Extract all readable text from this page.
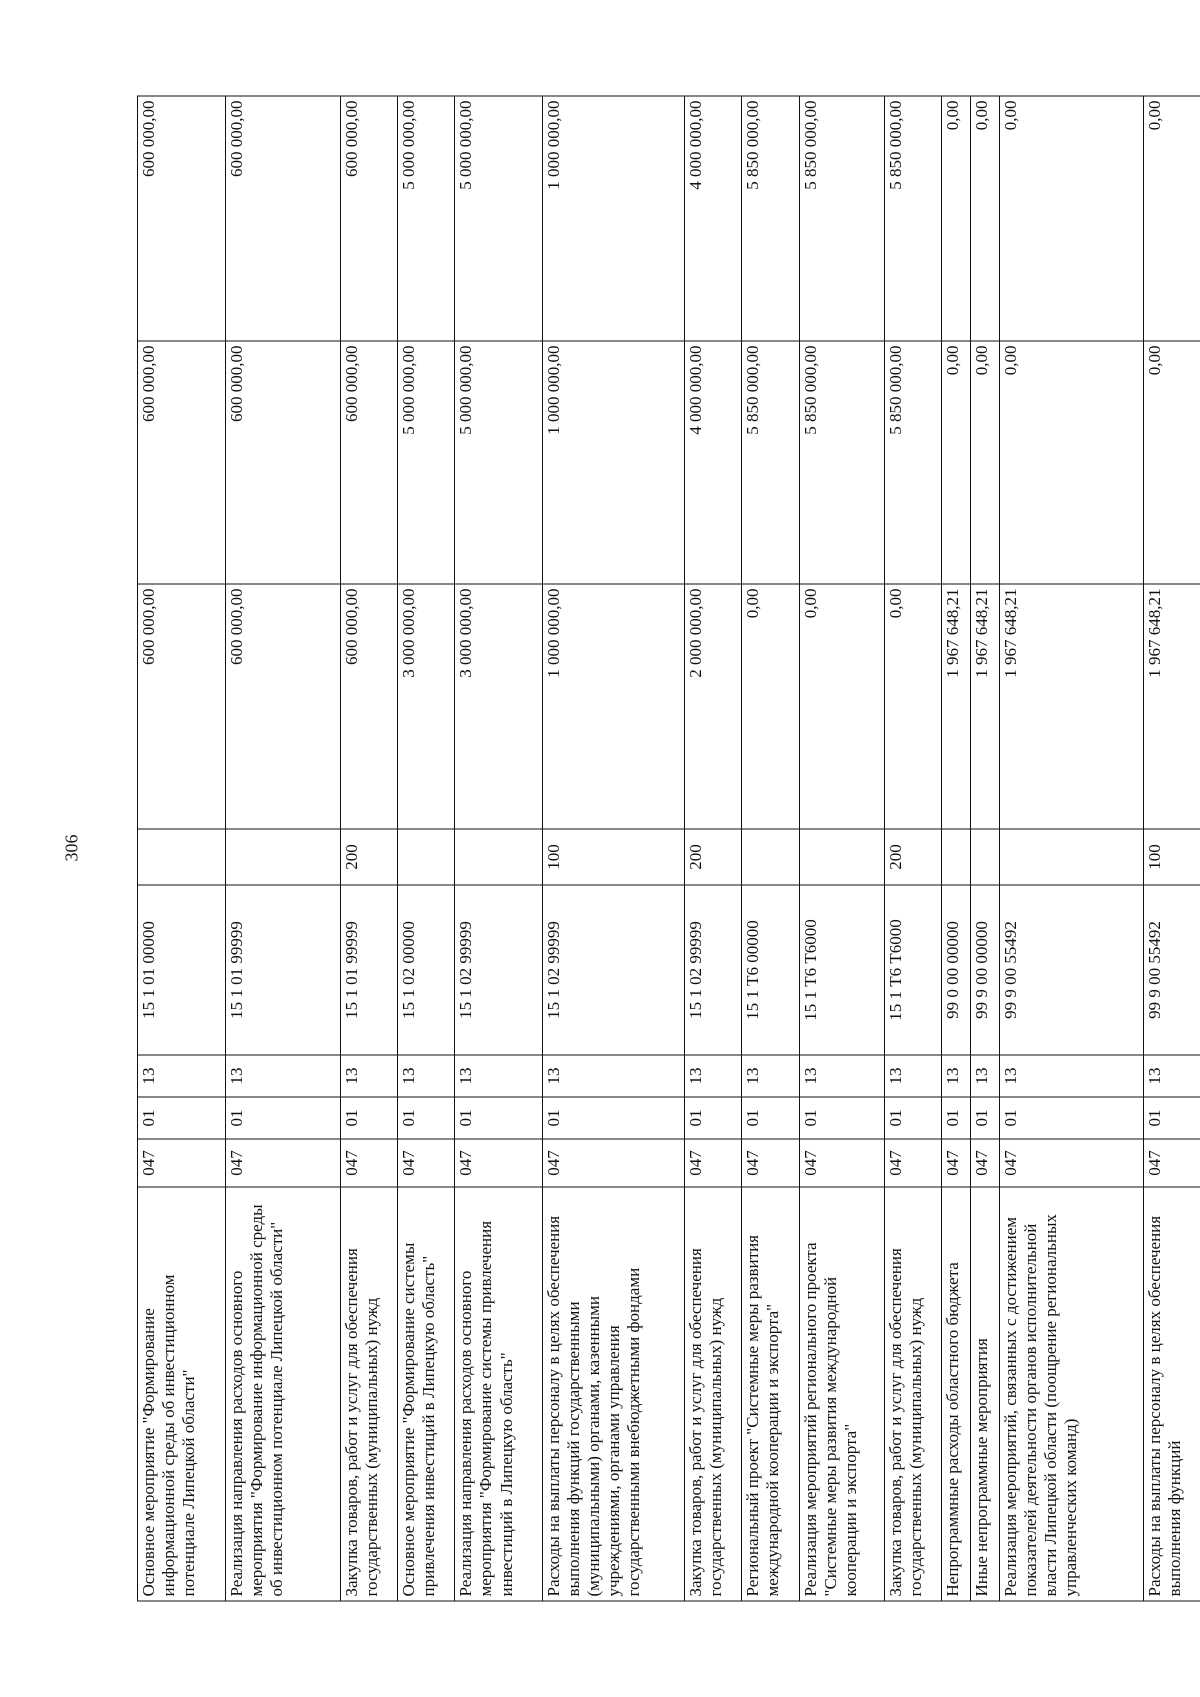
306
Основное мероприятие "Формирование информационной среды об инвестиционном потенциале Липецкой области"	047	01	13	15 1 01 00000		600 000,00	600 000,00	600 000,00
Реализация направления расходов основного мероприятия "Формирование информационной среды об инвестиционном потенциале Липецкой области"	047	01	13	15 1 01 99999		600 000,00	600 000,00	600 000,00
Закупка товаров, работ и услуг для обеспечения государственных (муниципальных) нужд	047	01	13	15 1 01 99999	200	600 000,00	600 000,00	600 000,00
Основное мероприятие "Формирование системы привлечения инвестиций в Липецкую область"	047	01	13	15 1 02 00000		3 000 000,00	5 000 000,00	5 000 000,00
Реализация направления расходов основного мероприятия "Формирование системы привлечения инвестиций в Липецкую область"	047	01	13	15 1 02 99999		3 000 000,00	5 000 000,00	5 000 000,00
Расходы на выплаты персоналу в целях обеспечения выполнения функций государственными (муниципальными) органами, казенными учреждениями, органами управления государственными внебюджетными фондами	047	01	13	15 1 02 99999	100	1 000 000,00	1 000 000,00	1 000 000,00
Закупка товаров, работ и услуг для обеспечения государственных (муниципальных) нужд	047	01	13	15 1 02 99999	200	2 000 000,00	4 000 000,00	4 000 000,00
Региональный проект "Системные меры развития международной кооперации и экспорта"	047	01	13	15 1 Т6 00000		0,00	5 850 000,00	5 850 000,00
Реализация мероприятий регионального проекта "Системные меры развития международной кооперации и экспорта"	047	01	13	15 1 Т6 Т6000		0,00	5 850 000,00	5 850 000,00
Закупка товаров, работ и услуг для обеспечения государственных (муниципальных) нужд	047	01	13	15 1 Т6 Т6000	200	0,00	5 850 000,00	5 850 000,00
Непрограммные расходы областного бюджета	047	01	13	99 0 00 00000		1 967 648,21	0,00	0,00
Иные непрограммные мероприятия	047	01	13	99 9 00 00000		1 967 648,21	0,00	0,00
Реализация мероприятий, связанных с достижением показателей деятельности органов исполнительной власти Липецкой области (поощрение региональных управленческих команд)	047	01	13	99 9 00 55492		1 967 648,21	0,00	0,00
Расходы на выплаты персоналу в целях обеспечения выполнения функций	047	01	13	99 9 00 55492	100	1 967 648,21	0,00	0,00
